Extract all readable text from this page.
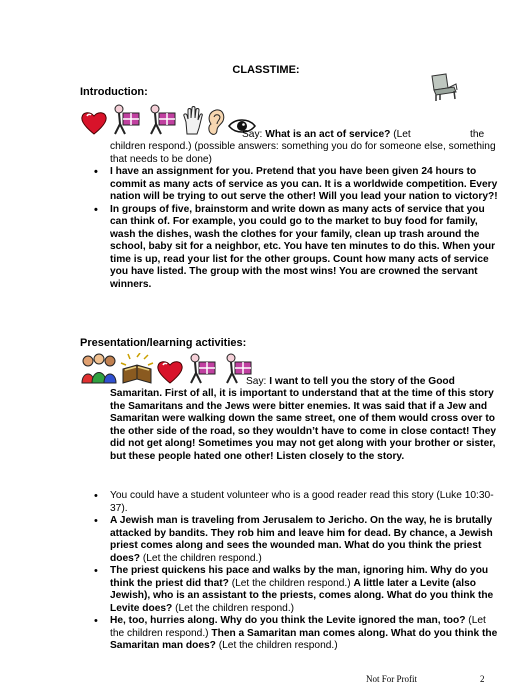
CLASSTIME:
Introduction:
Say: What is an act of service? (Let	the
children respond.) (possible answers: something you do for someone else, something that needs to be done)
• I have an assignment for you. Pretend that you have been given 24 hours to commit as many acts of service as you can. It is a worldwide competition. Every nation will be trying to out serve the other! Will you lead your nation to victory?!
• In groups of five, brainstorm and write down as many acts of service that you can think of. For example, you could go to the market to buy food for family, wash the dishes, wash the clothes for your family, clean up trash around the school, baby sit for a neighbor, etc. You have ten minutes to do this. When your time is up, read your list for the other groups. Count how many acts of service you have listed. The group with the most wins! You are crowned the servant winners.
Presentation/learning activities:
Say: I want to tell you the story of the Good
Samaritan. First of all, it is important to understand that at the time of this story the Samaritans and the Jews were bitter enemies. It was said that if a Jew and Samaritan were walking down the same street, one of them would cross over to the other side of the road, so they wouldn’t have to come in close contact! They did not get along! Sometimes you may not get along with your brother or sister, but these people hated one other! Listen closely to the story.
• You could have a student volunteer who is a good reader read this story (Luke 10:30-37).
• A Jewish man is traveling from Jerusalem to Jericho. On the way, he is brutally attacked by bandits. They rob him and leave him for dead. By chance, a Jewish priest comes along and sees the wounded man. What do you think the priest does? (Let the children respond.)
• The priest quickens his pace and walks by the man, ignoring him. Why do you think the priest did that? (Let the children respond.) A little later a Levite (also Jewish), who is an assistant to the priests, comes along. What do you think the Levite does? (Let the children respond.)
• He, too, hurries along. Why do you think the Levite ignored the man, too? (Let the children respond.) Then a Samaritan man comes along. What do you think the Samaritan man does? (Let the children respond.)
Not For Profit	2
